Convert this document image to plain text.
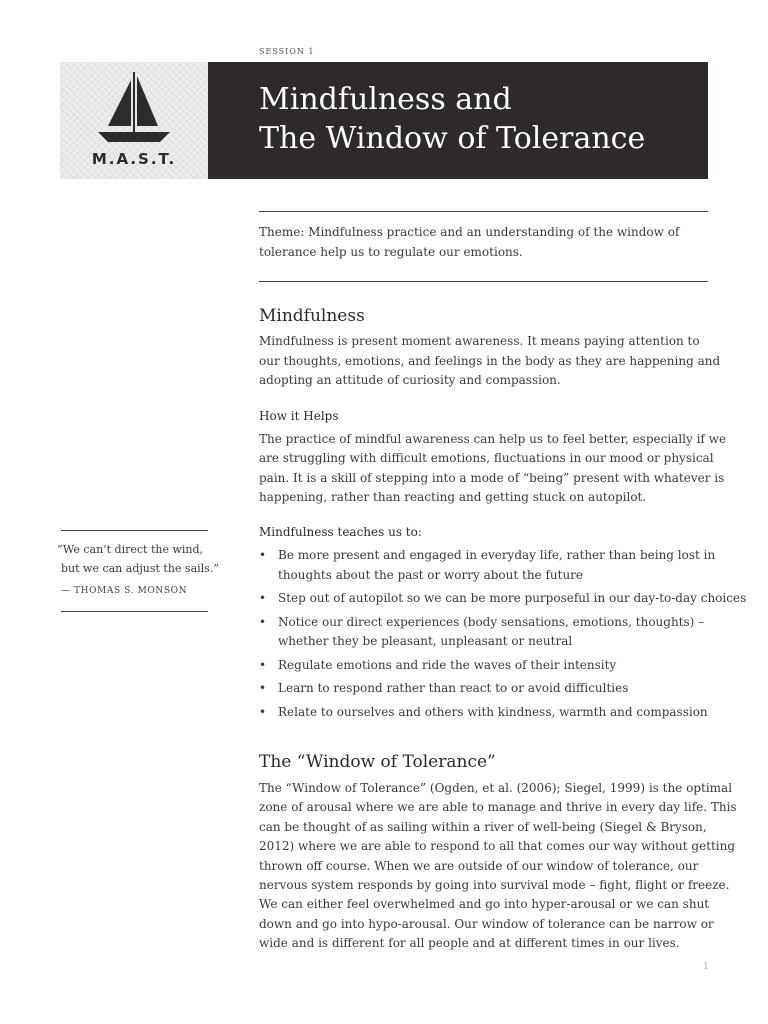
SESSION 1
M.A.S.T.
Mindfulness and
The Window of Tolerance
Theme: Mindfulness practice and an understanding of the window of
tolerance help us to regulate our emotions.
Mindfulness
Mindfulness is present moment awareness. It means paying attention to
our thoughts, emotions, and feelings in the body as they are happening and
adopting an attitude of curiosity and compassion.
How it Helps
The practice of mindful awareness can help us to feel better, especially if we
are struggling with difficult emotions, fluctuations in our mood or physical
pain. It is a skill of stepping into a mode of “being” present with whatever is
happening, rather than reacting and getting stuck on autopilot.
Mindfulness teaches us to:
• Be more present and engaged in everyday life, rather than being lost in
thoughts about the past or worry about the future
• Step out of autopilot so we can be more purposeful in our day-to-day choices
• Notice our direct experiences (body sensations, emotions, thoughts) –
whether they be pleasant, unpleasant or neutral
• Regulate emotions and ride the waves of their intensity
• Learn to respond rather than react to or avoid difficulties
• Relate to ourselves and others with kindness, warmth and compassion
“We can’t direct the wind,
but we can adjust the sails.”
— THOMAS S. MONSON
The “Window of Tolerance”
The “Window of Tolerance” (Ogden, et al. (2006); Siegel, 1999) is the optimal
zone of arousal where we are able to manage and thrive in every day life. This
can be thought of as sailing within a river of well-being (Siegel & Bryson,
2012) where we are able to respond to all that comes our way without getting
thrown off course. When we are outside of our window of tolerance, our
nervous system responds by going into survival mode – fight, flight or freeze.
We can either feel overwhelmed and go into hyper-arousal or we can shut
down and go into hypo-arousal. Our window of tolerance can be narrow or
wide and is different for all people and at different times in our lives.
1
